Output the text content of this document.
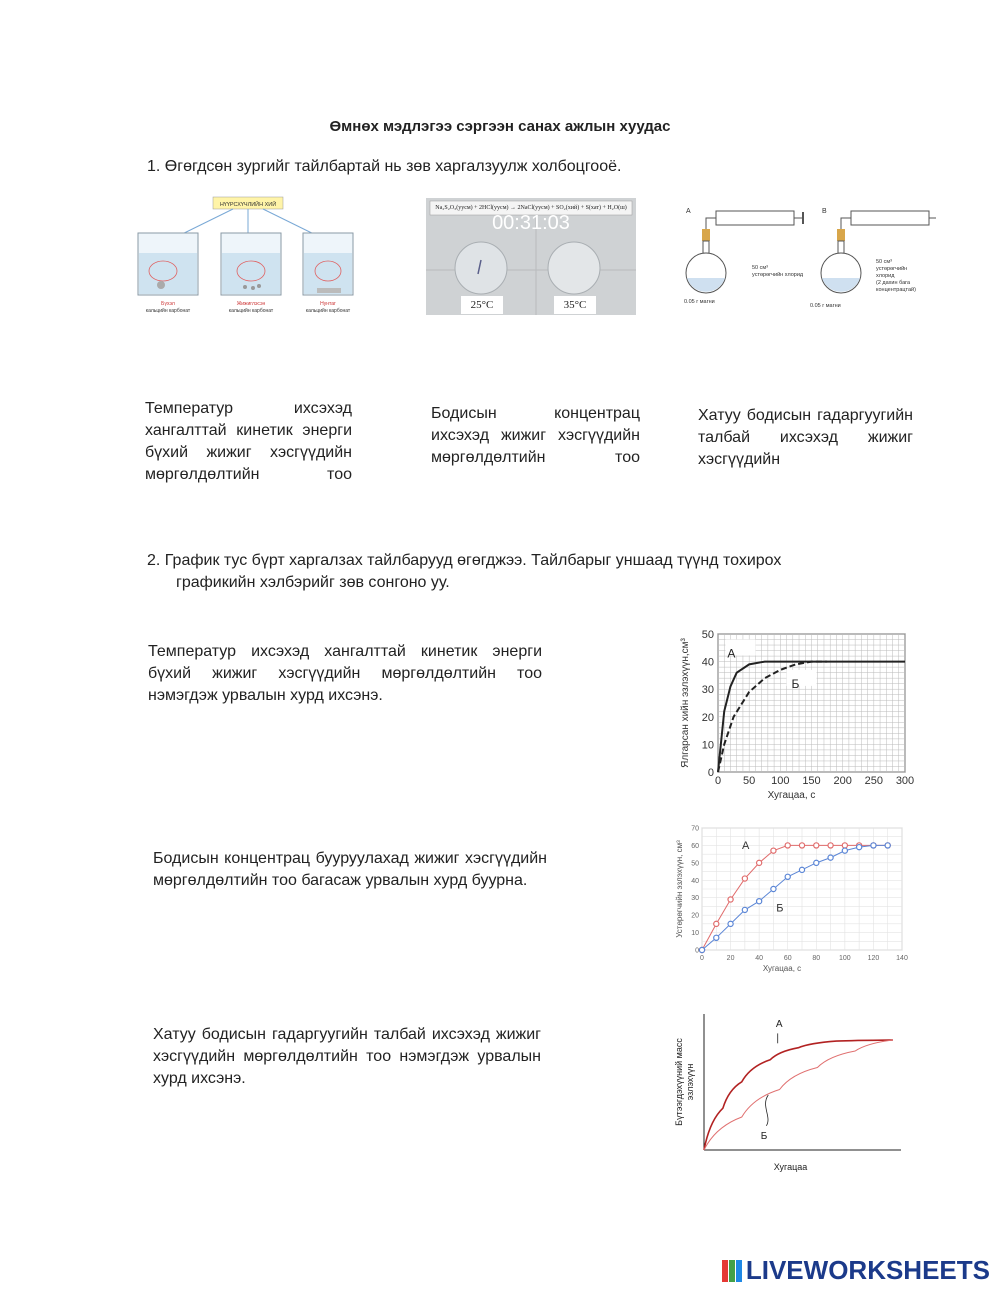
Өмнөх мэдлэгээ сэргээн санах ажлын хуудас
1. Өгөгдсөн зургийг тайлбартай нь зөв харгалзуулж холбоцгооё.
НҮҮРСХҮЧЛИЙН ХИЙ
Бүхэл
кальцийн карбонат
Жижиглэсэн
кальцийн карбонат
Нунтаг
кальцийн карбонат
Na₂S₂O₃(уусм) + 2HCl(уусм) → 2NaCl(уусм) + SO₂(хий) + S(хат) + H₂O(ш)
00:31:03
25°C	35°C
A	B
50 см³ устөрөгчийн хлорид
50 см³ устөрөгчийн хлорид (2 дахин бага концентрацтай)
0.05 г магни
0.05 г магни
Температур ихсэхэд хангалттай кинетик энерги бүхий жижиг хэсгүүдийн мөргөлдөлтийн тоо
Бодисын концентрац ихсэхэд жижиг хэсгүүдийн мөргөлдөлтийн тоо
Хатуу бодисын гадаргуугийн талбай ихсэхэд жижиг хэсгүүдийн
2. График тус бүрт харгалзах тайлбарууд өгөгджээ. Тайлбарыг уншаад түүнд тохирох
графикийн хэлбэрийг зөв сонгоно уу.
Температур ихсэхэд хангалттай кинетик энерги бүхий жижиг хэсгүүдийн мөргөлдөлтийн тоо нэмэгдэж урвалын хурд ихсэнэ.
Бодисын концентрац бууруулахад жижиг хэсгүүдийн мөргөлдөлтийн тоо багасаж урвалын хурд буурна.
Хатуу бодисын гадаргуугийн талбай ихсэхэд жижиг хэсгүүдийн мөргөлдөлтийн тоо нэмэгдэж урвалын хурд ихсэнэ.
0 50 100 150 200 250 300
0
10
20
30
40
50
Хугацаа, с
Ялгарсан хийн эзлэхүүн,см³	А
Б
0	20	40	60	80	100 120 140
0
10
20
30
40
50
60
70
Хугацаа, с
Устөрөгчийн эзлэхүүн, см³	А
Б
Хугацаа
Бүтээгдэхүүний массэзлэхүүн
А
Б
LIVEWORKSHEETS
